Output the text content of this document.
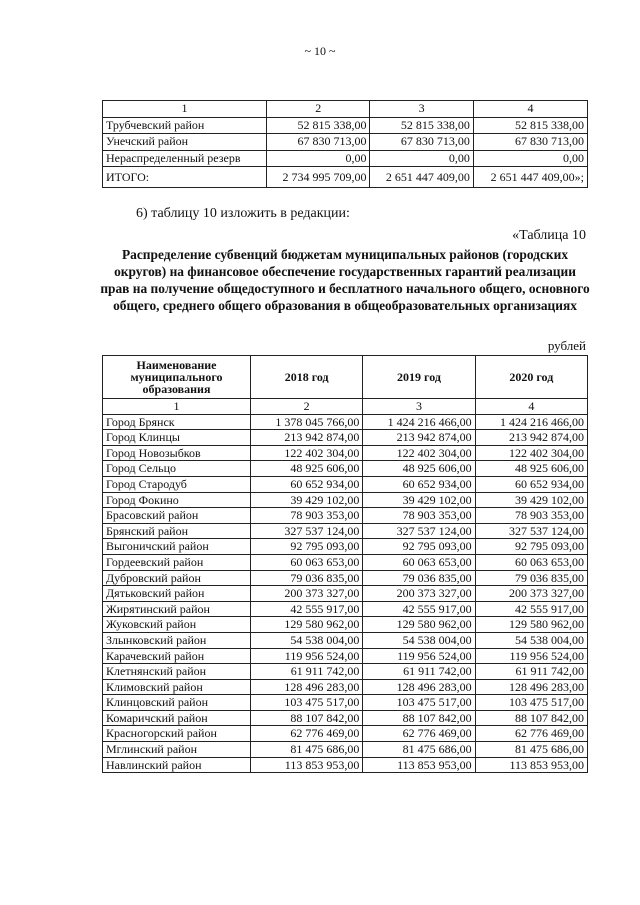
~ 10 ~
1	2	3	4
Трубчевский район	52 815 338,00	52 815 338,00	52 815 338,00
Унечский район	67 830 713,00	67 830 713,00	67 830 713,00
Нераспределенный резерв	0,00	0,00	0,00
ИТОГО:	2 734 995 709,00	2 651 447 409,00	2 651 447 409,00»;
6) таблицу 10 изложить в редакции:
«Таблица 10
Распределение субвенций бюджетам муниципальных районов (городских округов) на финансовое обеспечение государственных гарантий реализации прав на получение общедоступного и бесплатного начального общего, основного общего, среднего общего образования в общеобразовательных организациях
рублей
Наименование муниципального образования	2018 год	2019 год	2020 год
1	2	3	4
Город Брянск	1 378 045 766,00	1 424 216 466,00	1 424 216 466,00
Город Клинцы	213 942 874,00	213 942 874,00	213 942 874,00
Город Новозыбков	122 402 304,00	122 402 304,00	122 402 304,00
Город Сельцо	48 925 606,00	48 925 606,00	48 925 606,00
Город Стародуб	60 652 934,00	60 652 934,00	60 652 934,00
Город Фокино	39 429 102,00	39 429 102,00	39 429 102,00
Брасовский район	78 903 353,00	78 903 353,00	78 903 353,00
Брянский район	327 537 124,00	327 537 124,00	327 537 124,00
Выгоничский район	92 795 093,00	92 795 093,00	92 795 093,00
Гордеевский район	60 063 653,00	60 063 653,00	60 063 653,00
Дубровский район	79 036 835,00	79 036 835,00	79 036 835,00
Дятьковский район	200 373 327,00	200 373 327,00	200 373 327,00
Жирятинский район	42 555 917,00	42 555 917,00	42 555 917,00
Жуковский район	129 580 962,00	129 580 962,00	129 580 962,00
Злынковский район	54 538 004,00	54 538 004,00	54 538 004,00
Карачевский район	119 956 524,00	119 956 524,00	119 956 524,00
Клетнянский район	61 911 742,00	61 911 742,00	61 911 742,00
Климовский район	128 496 283,00	128 496 283,00	128 496 283,00
Клинцовский район	103 475 517,00	103 475 517,00	103 475 517,00
Комаричский район	88 107 842,00	88 107 842,00	88 107 842,00
Красногорский район	62 776 469,00	62 776 469,00	62 776 469,00
Мглинский район	81 475 686,00	81 475 686,00	81 475 686,00
Навлинский район	113 853 953,00	113 853 953,00	113 853 953,00
